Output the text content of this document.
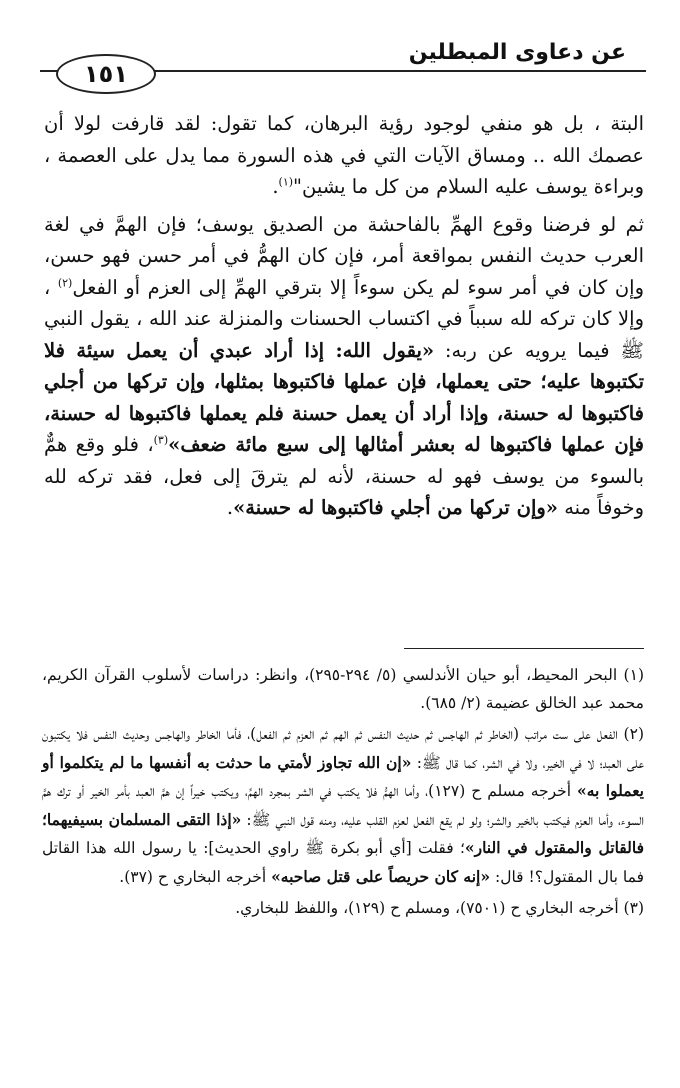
عن دعاوى المبطلين
١٥١

البتة ، بل هو منفي لوجود رؤية البرهان، كما تقول: لقد قارفت لولا أن عصمك الله .. ومساق الآيات التي في هذه السورة مما يدل على العصمة ، وبراءة يوسف عليه السلام من كل ما يشين"$^{(١)}$.

ثم لو فرضنا وقوع الهمِّ بالفاحشة من الصديق يوسف؛ فإن الهمَّ في لغة العرب حديث النفس بمواقعة أمر، فإن كان الهمُّ في أمر حسن فهو حسن، وإن كان في أمر سوء لم يكن سوءاً إلا بترقي الهمِّ إلى العزم أو الفعل$^{(٢)}$ ، وإلا كان تركه لله سبباً في اكتساب الحسنات والمنزلة عند الله ، يقول النبي ﷺ فيما يرويه عن ربه: «يقول الله: إذا أراد عبدي أن يعمل سيئة فلا تكتبوها عليه؛ حتى يعملها، فإن عملها فاكتبوها بمثلها، وإن تركها من أجلي فاكتبوها له حسنة، وإذا أراد أن يعمل حسنة فلم يعملها فاكتبوها له حسنة، فإن عملها فاكتبوها له بعشر أمثالها إلى سبع مائة ضعف»$^{(٣)}$، فلو وقع همٌّ بالسوء من يوسف فهو له حسنة، لأنه لم يترقَ إلى فعل، فقد تركه لله وخوفاً منه «وإن تركها من أجلي فاكتبوها له حسنة».

(١) البحر المحيط، أبو حيان الأندلسي (٥/ ٢٩٤-٢٩٥)، وانظر: دراسات لأسلوب القرآن الكريم، محمد عبد الخالق عضيمة (٢/ ٦٨٥).

(٢) الفعل على ست مراتب (الخاطر ثم الهاجس ثم حديث النفس ثم الهم ثم العزم ثم الفعل)، فأما الخاطر والهاجس وحديث النفس فلا يكتبون على العبد؛ لا في الخير، ولا في الشر، كما قال ﷺ: «إن الله تجاوز لأمتي ما حدثت به أنفسها ما لم يتكلموا أو يعملوا به» أخرجه مسلم ح (١٢٧)، وأما الهمُّ فلا يكتب في الشر بمجرد الهمِّ، ويكتب خيراً إن همَّ العبد بأمر الخير أو ترك همَّ السوء، وأما العزم فيكتب بالخير والشر؛ ولو لم يقع الفعل لعزم القلب عليه، ومنه قول النبي ﷺ: «إذا التقى المسلمان بسيفيهما؛ فالقاتل والمقتول في النار»؛ فقلت [أي أبو بكرة ﷺ راوي الحديث]: يا رسول الله هذا القاتل فما بال المقتول؟! قال: «إنه كان حريصاً على قتل صاحبه» أخرجه البخاري ح (٣٧).

(٣) أخرجه البخاري ح (٧٥٠١)، ومسلم ح (١٢٩)، واللفظ للبخاري.
